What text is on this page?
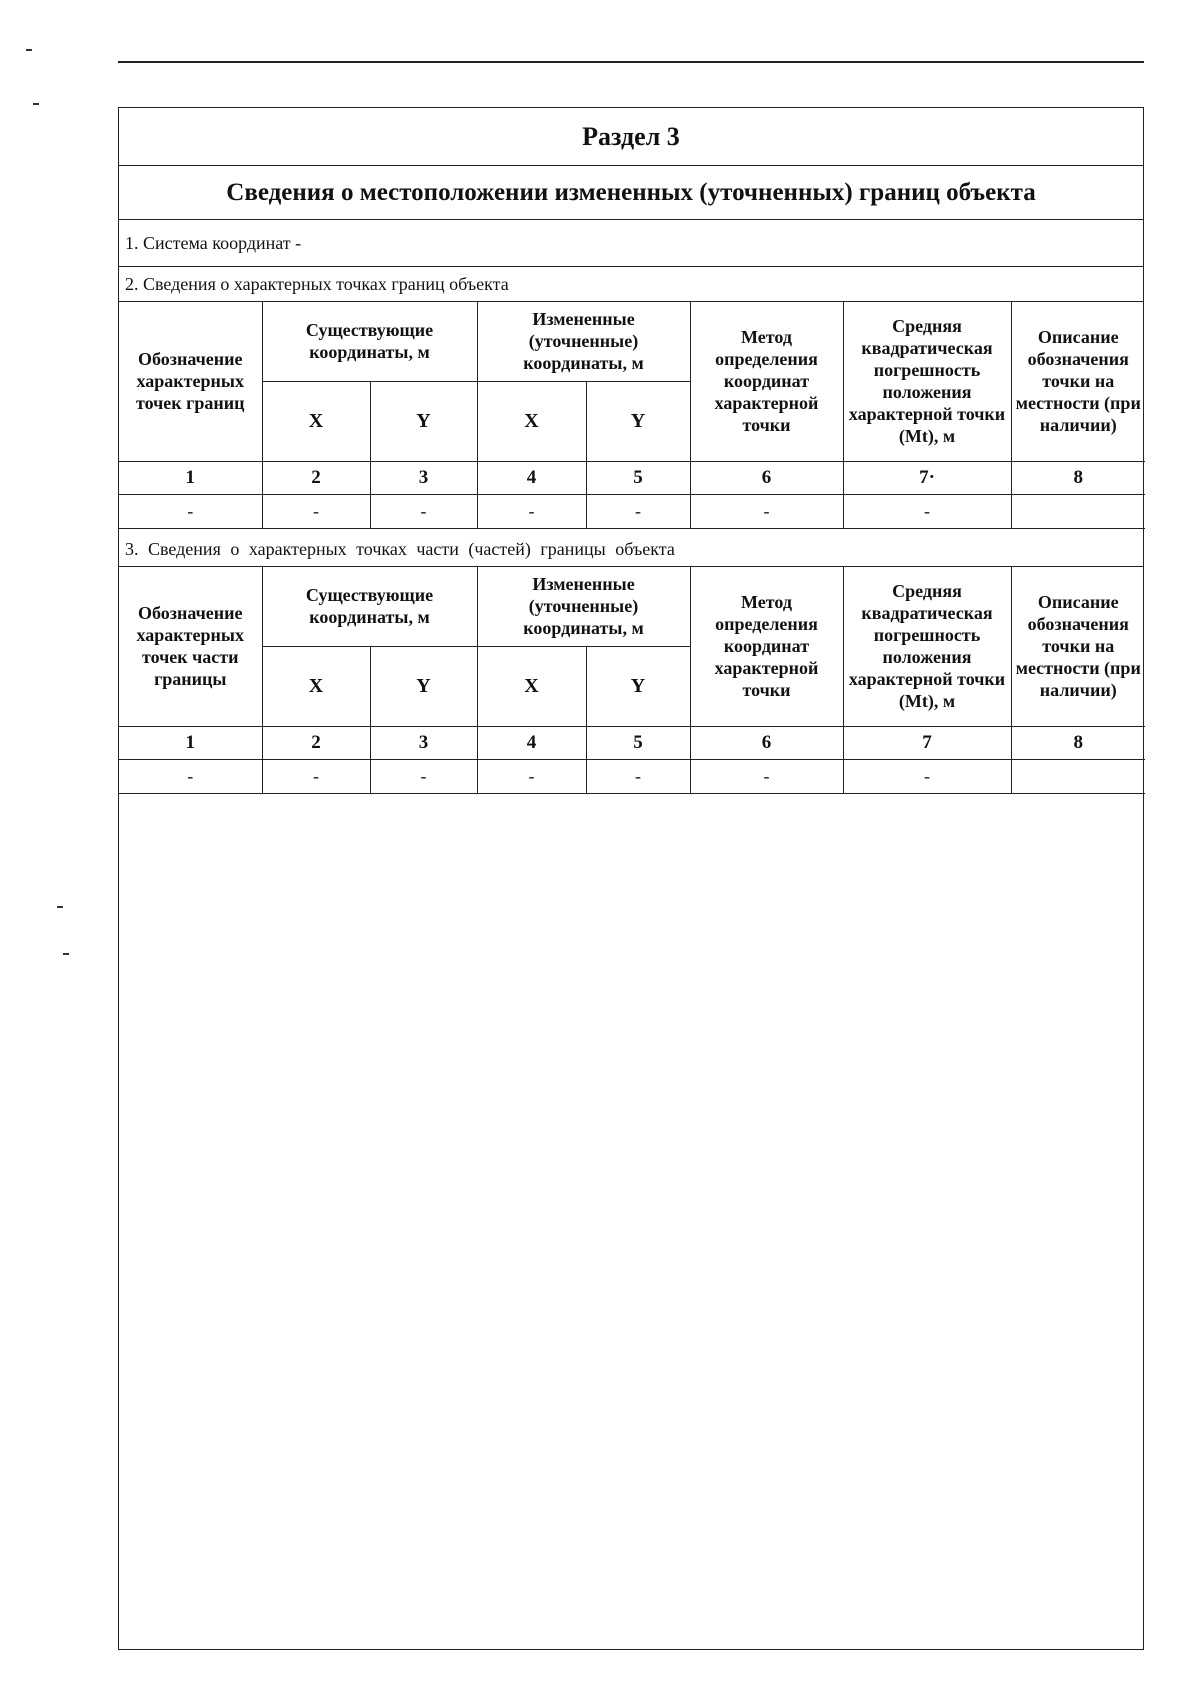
Раздел 3
Сведения о местоположении измененных (уточненных) границ объекта
1. Система координат -
2. Сведения о характерных точках границ объекта
Обозначение характерных точек границ	Существующие координаты, м		Измененные (уточненные) координаты, м		Метод определения координат характерной точки	Средняя квадратическая погрешность положения характерной точки (Mt), м	Описание обозначения точки на местности (при наличии)
	X	Y	X	Y			
1	2	3	4	5	6	7·	8
-	-	-	-	-	-	-	
3. Сведения о характерных точках части (частей) границы объекта
Обозначение характерных точек части границы	Существующие координаты, м		Измененные (уточненные) координаты, м		Метод определения координат характерной точки	Средняя квадратическая погрешность положения характерной точки (Mt), м	Описание обозначения точки на местности (при наличии)
	X	Y	X	Y			
1	2	3	4	5	6	7	8
-	-	-	-	-	-	-	
